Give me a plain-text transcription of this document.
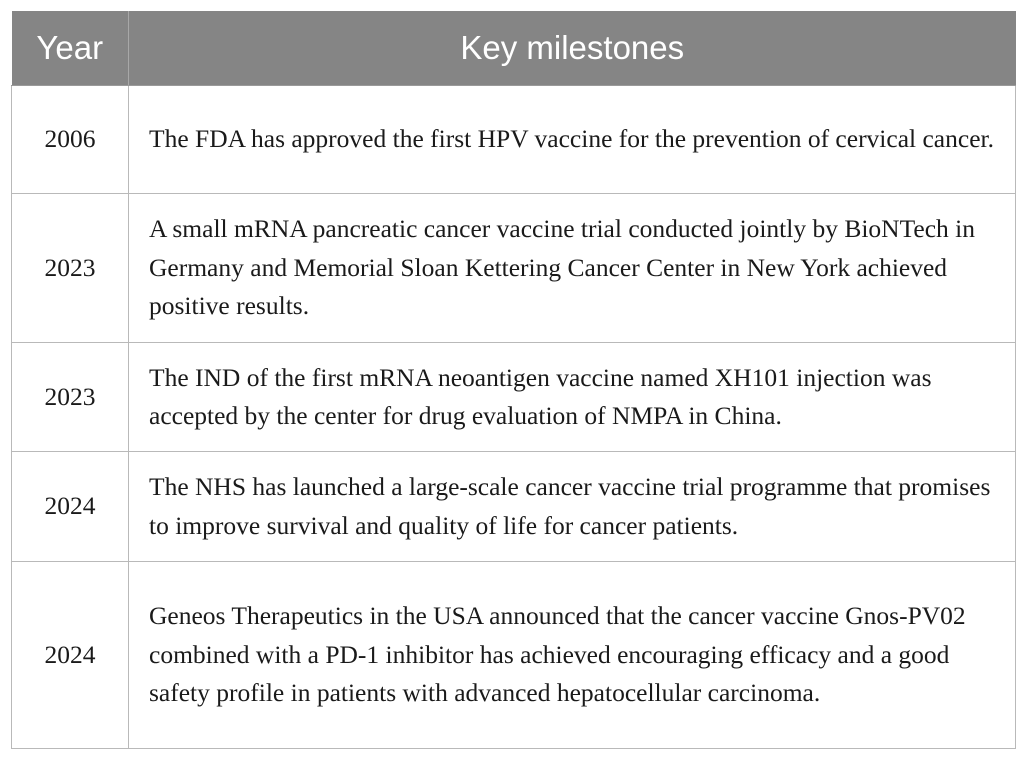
Year	Key milestones
2006	The FDA has approved the first HPV vaccine for the prevention of cervical cancer.
2023	A small mRNA pancreatic cancer vaccine trial conducted jointly by BioNTech in Germany and Memorial Sloan Kettering Cancer Center in New York achieved positive results.
2023	The IND of the first mRNA neoantigen vaccine named XH101 injection was accepted by the center for drug evaluation of NMPA in China.
2024	The NHS has launched a large-scale cancer vaccine trial programme that promises to improve survival and quality of life for cancer patients.
2024	Geneos Therapeutics in the USA announced that the cancer vaccine Gnos-PV02 combined with a PD-1 inhibitor has achieved encouraging efficacy and a good safety profile in patients with advanced hepatocellular carcinoma.
